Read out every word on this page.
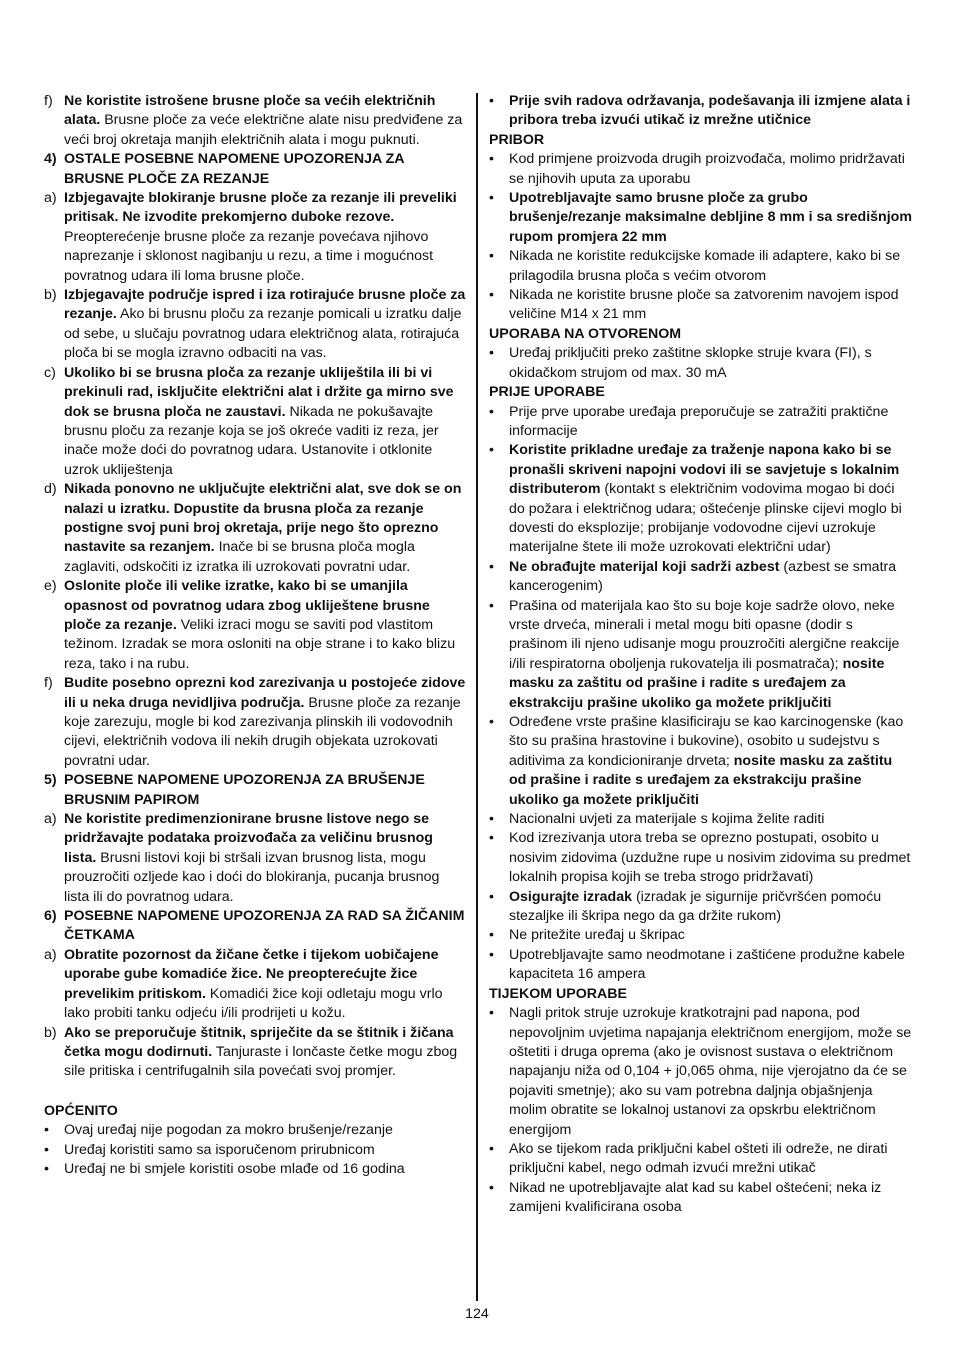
f) Ne koristite istrošene brusne ploče sa većih električnih alata. Brusne ploče za veće električne alate nisu predviđene za veći broj okretaja manjih električnih alata i mogu puknuti.
4) OSTALE POSEBNE NAPOMENE UPOZORENJA ZA BRUSNE PLOČE ZA REZANJE
a) Izbjegavajte blokiranje brusne ploče za rezanje ili preveliki pritisak. Ne izvodite prekomjerno duboke rezove. Preopterećenje brusne ploče za rezanje povećava njihovo naprezanje i sklonost nagibanju u rezu, a time i mogućnost povratnog udara ili loma brusne ploče.
b) Izbjegavajte područje ispred i iza rotirajuće brusne ploče za rezanje. Ako bi brusnu ploču za rezanje pomicali u izratku dalje od sebe, u slučaju povratnog udara električnog alata, rotirajuća ploča bi se mogla izravno odbaciti na vas.
c) Ukoliko bi se brusna ploča za rezanje ukliještila ili bi vi prekinuli rad, isključite električni alat i držite ga mirno sve dok se brusna ploča ne zaustavi. Nikada ne pokušavajte brusnu ploču za rezanje koja se još okreće vaditi iz reza, jer inače može doći do povratnog udara. Ustanovite i otklonite uzrok ukliještenja
d) Nikada ponovno ne uključujte električni alat, sve dok se on nalazi u izratku. Dopustite da brusna ploča za rezanje postigne svoj puni broj okretaja, prije nego što oprezno nastavite sa rezanjem. Inače bi se brusna ploča mogla zaglaviti, odskočiti iz izratka ili uzrokovati povratni udar.
e) Oslonite ploče ili velike izratke, kako bi se umanjila opasnost od povratnog udara zbog ukliještene brusne ploče za rezanje. Veliki izraci mogu se saviti pod vlastitom težinom. Izradak se mora osloniti na obje strane i to kako blizu reza, tako i na rubu.
f) Budite posebno oprezni kod zarezivanja u postojeće zidove ili u neka druga nevidljiva područja. Brusne ploče za rezanje koje zarezuju, mogle bi kod zarezivanja plinskih ili vodovodnih cijevi, električnih vodova ili nekih drugih objekata uzrokovati povratni udar.
5) POSEBNE NAPOMENE UPOZORENJA ZA BRUŠENJE BRUSNIM PAPIROM
a) Ne koristite predimenzionirane brusne listove nego se pridržavajte podataka proizvođača za veličinu brusnog lista. Brusni listovi koji bi stršali izvan brusnog lista, mogu prouzročiti ozljede kao i doći do blokiranja, pucanja brusnog lista ili do povratnog udara.
6) POSEBNE NAPOMENE UPOZORENJA ZA RAD SA ŽIČANIM ČETKAMA
a) Obratite pozornost da žičane četke i tijekom uobičajene uporabe gube komadiće žice. Ne preopterećujte žice prevelikim pritiskom. Komadići žice koji odletaju mogu vrlo lako probiti tanku odjeću i/ili prodrijeti u kožu.
b) Ako se preporučuje štitnik, spriječite da se štitnik i žičana četka mogu dodirnuti. Tanjuraste i lončaste četke mogu zbog sile pritiska i centrifugalnih sila povećati svoj promjer.
OPĆENITO
•	Ovaj uređaj nije pogodan za mokro brušenje/rezanje
•	Uređaj koristiti samo sa isporučenom prirubnicom
•	Uređaj ne bi smjele koristiti osobe mlađe od 16 godina
•	Prije svih radova održavanja, podešavanja ili izmjene alata i pribora treba izvući utikač iz mrežne utičnice
PRIBOR
•	Kod primjene proizvoda drugih proizvođača, molimo pridržavati se njihovih uputa za uporabu
•	Upotrebljavajte samo brusne ploče za grubo brušenje/rezanje maksimalne debljine 8 mm i sa središnjom rupom promjera 22 mm
•	Nikada ne koristite redukcijske komade ili adaptere, kako bi se prilagodila brusna ploča s većim otvorom
•	Nikada ne koristite brusne ploče sa zatvorenim navojem ispod veličine M14 x 21 mm
UPORABA NA OTVORENOM
•	Uređaj priključiti preko zaštitne sklopke struje kvara (FI), s okidačkom strujom od max. 30 mA
PRIJE UPORABE
•	Prije prve uporabe uređaja preporučuje se zatražiti praktične informacije
•	Koristite prikladne uređaje za traženje napona kako bi se pronašli skriveni napojni vodovi ili se savjetuje s lokalnim distributerom (kontakt s električnim vodovima mogao bi doći do požara i električnog udara; oštećenje plinske cijevi moglo bi dovesti do eksplozije; probijanje vodovodne cijevi uzrokuje materijalne štete ili može uzrokovati električni udar)
•	Ne obrađujte materijal koji sadrži azbest (azbest se smatra kancerogenim)
•	Prašina od materijala kao što su boje koje sadrže olovo, neke vrste drveća, minerali i metal mogu biti opasne (dodir s prašinom ili njeno udisanje mogu prouzročiti alergične reakcije i/ili respiratorna oboljenja rukovatelja ili posmatrača); nosite masku za zaštitu od prašine i radite s uređajem za ekstrakciju prašine ukoliko ga možete priključiti
•	Određene vrste prašine klasificiraju se kao karcinogenske (kao što su prašina hrastovine i bukovine), osobito u sudejstvu s aditivima za kondicioniranje drveta; nosite masku za zaštitu od prašine i radite s uređajem za ekstrakciju prašine ukoliko ga možete priključiti
•	Nacionalni uvjeti za materijale s kojima želite raditi
•	Kod izrezivanja utora treba se oprezno postupati, osobito u nosivim zidovima (uzdužne rupe u nosivim zidovima su predmet lokalnih propisa kojih se treba strogo pridržavati)
•	Osigurajte izradak (izradak je sigurnije pričvršćen pomoću stezaljke ili škripa nego da ga držite rukom)
•	Ne pritežite uređaj u škripac
•	Upotrebljavajte samo neodmotane i zaštićene produžne kabele kapaciteta 16 ampera
TIJEKOM UPORABE
•	Nagli pritok struje uzrokuje kratkotrajni pad napona, pod nepovoljnim uvjetima napajanja električnom energijom, može se oštetiti i druga oprema (ako je ovisnost sustava o električnom napajanju niža od 0,104 + j0,065 ohma, nije vjerojatno da će se pojaviti smetnje); ako su vam potrebna daljnja objašnjenja molim obratite se lokalnoj ustanovi za opskrbu električnom energijom
•	Ako se tijekom rada priključni kabel ošteti ili odreže, ne dirati priključni kabel, nego odmah izvući mrežni utikač
•	Nikad ne upotrebljavajte alat kad su kabel oštećeni; neka iz zamijeni kvalificirana osoba
124
